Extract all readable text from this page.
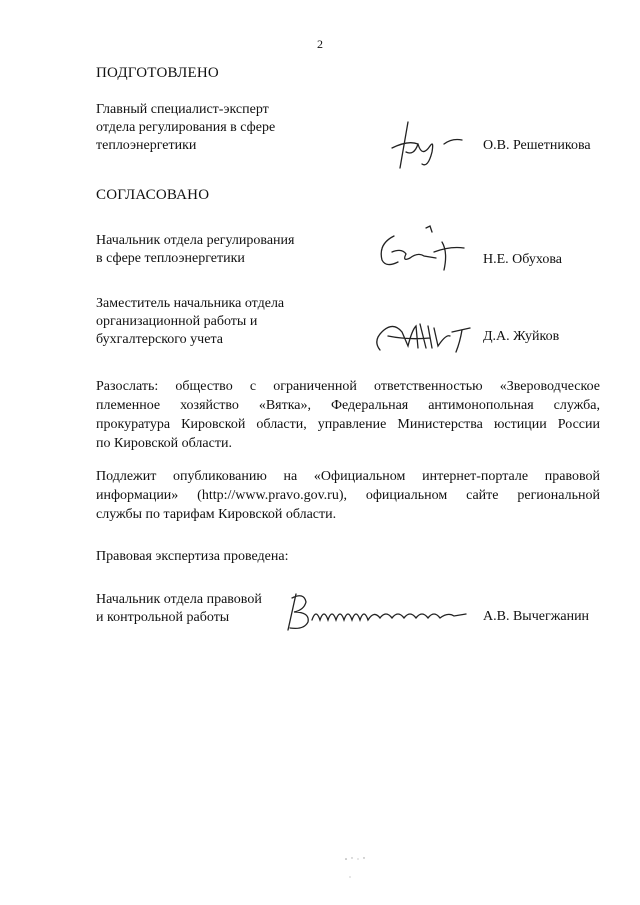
2
ПОДГОТОВЛЕНО
Главный специалист-эксперт
отдела регулирования в сфере
теплоэнергетики	О.В. Решетникова
СОГЛАСОВАНО
Начальник отдела регулирования
в сфере теплоэнергетики	Н.Е. Обухова
Заместитель начальника отдела
организационной работы и
бухгалтерского учета	Д.А. Жуйков
Разослать: общество с ограниченной ответственностью «Звероводческое
племенное хозяйство «Вятка», Федеральная антимонопольная служба,
прокуратура Кировской области, управление Министерства юстиции России
по Кировской области.
Подлежит опубликованию на «Официальном интернет-портале правовой
информации» (http://www.pravo.gov.ru), официальном сайте региональной
службы по тарифам Кировской области.
Правовая экспертиза проведена:
Начальник отдела правовой
и контрольной работы	А.В. Вычегжанин
